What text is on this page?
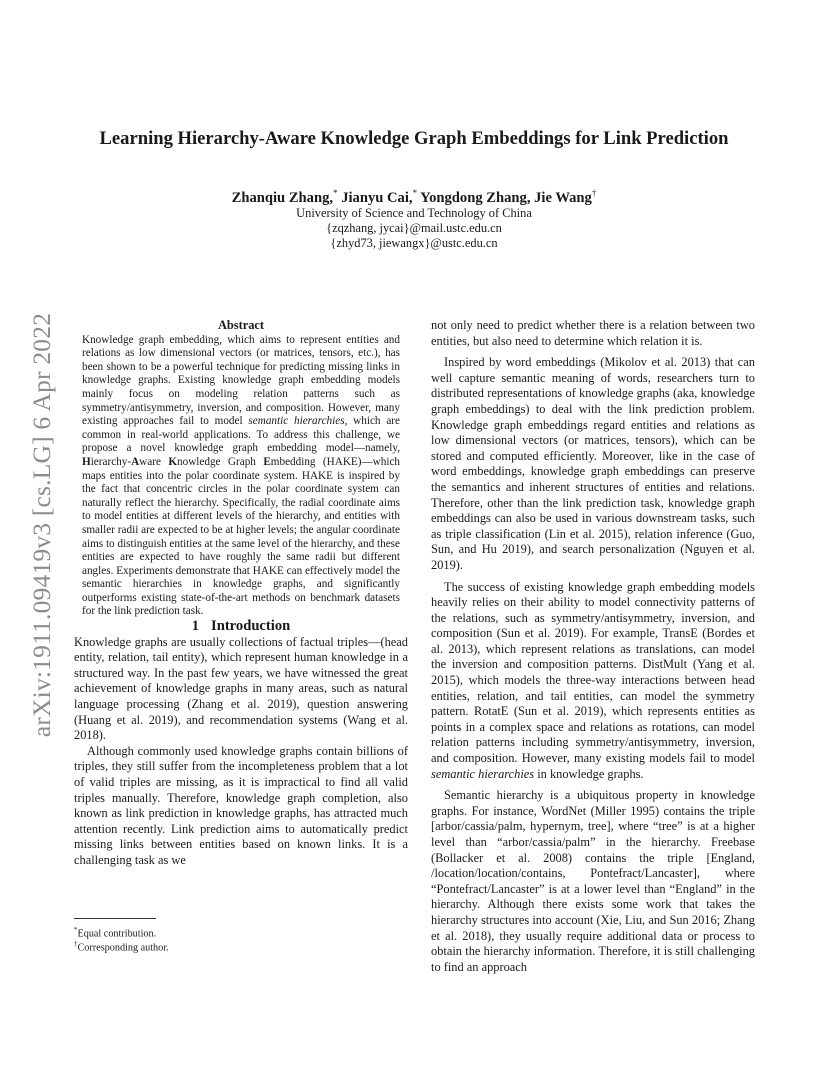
arXiv:1911.09419v3 [cs.LG] 6 Apr 2022
Learning Hierarchy-Aware Knowledge Graph Embeddings for Link Prediction
Zhanqiu Zhang,* Jianyu Cai,* Yongdong Zhang, Jie Wang†
University of Science and Technology of China
{zqzhang, jycai}@mail.ustc.edu.cn
{zhyd73, jiewangx}@ustc.edu.cn

Abstract

Knowledge graph embedding, which aims to represent entities and relations as low dimensional vectors (or matrices, tensors, etc.), has been shown to be a powerful technique for predicting missing links in knowledge graphs. Existing knowledge graph embedding models mainly focus on modeling relation patterns such as symmetry/antisymmetry, inversion, and composition. However, many existing approaches fail to model semantic hierarchies, which are common in real-world applications. To address this challenge, we propose a novel knowledge graph embedding model—namely, Hierarchy-Aware Knowledge Graph Embedding (HAKE)—which maps entities into the polar coordinate system. HAKE is inspired by the fact that concentric circles in the polar coordinate system can naturally reflect the hierarchy. Specifically, the radial coordinate aims to model entities at different levels of the hierarchy, and entities with smaller radii are expected to be at higher levels; the angular coordinate aims to distinguish entities at the same level of the hierarchy, and these entities are expected to have roughly the same radii but different angles. Experiments demonstrate that HAKE can effectively model the semantic hierarchies in knowledge graphs, and significantly outperforms existing state-of-the-art methods on benchmark datasets for the link prediction task.

1 Introduction

Knowledge graphs are usually collections of factual triples—(head entity, relation, tail entity), which represent human knowledge in a structured way. In the past few years, we have witnessed the great achievement of knowledge graphs in many areas, such as natural language processing (Zhang et al. 2019), question answering (Huang et al. 2019), and recommendation systems (Wang et al. 2018).

Although commonly used knowledge graphs contain billions of triples, they still suffer from the incompleteness problem that a lot of valid triples are missing, as it is impractical to find all valid triples manually. Therefore, knowledge graph completion, also known as link prediction in knowledge graphs, has attracted much attention recently. Link prediction aims to automatically predict missing links between entities based on known links. It is a challenging task as we

*Equal contribution.
†Corresponding author.

not only need to predict whether there is a relation between two entities, but also need to determine which relation it is.

Inspired by word embeddings (Mikolov et al. 2013) that can well capture semantic meaning of words, researchers turn to distributed representations of knowledge graphs (aka, knowledge graph embeddings) to deal with the link prediction problem. Knowledge graph embeddings regard entities and relations as low dimensional vectors (or matrices, tensors), which can be stored and computed efficiently. Moreover, like in the case of word embeddings, knowledge graph embeddings can preserve the semantics and inherent structures of entities and relations. Therefore, other than the link prediction task, knowledge graph embeddings can also be used in various downstream tasks, such as triple classification (Lin et al. 2015), relation inference (Guo, Sun, and Hu 2019), and search personalization (Nguyen et al. 2019).

The success of existing knowledge graph embedding models heavily relies on their ability to model connectivity patterns of the relations, such as symmetry/antisymmetry, inversion, and composition (Sun et al. 2019). For example, TransE (Bordes et al. 2013), which represent relations as translations, can model the inversion and composition patterns. DistMult (Yang et al. 2015), which models the three-way interactions between head entities, relation, and tail entities, can model the symmetry pattern. RotatE (Sun et al. 2019), which represents entities as points in a complex space and relations as rotations, can model relation patterns including symmetry/antisymmetry, inversion, and composition. However, many existing models fail to model semantic hierarchies in knowledge graphs.

Semantic hierarchy is a ubiquitous property in knowledge graphs. For instance, WordNet (Miller 1995) contains the triple [arbor/cassia/palm, hypernym, tree], where “tree” is at a higher level than “arbor/cassia/palm” in the hierarchy. Freebase (Bollacker et al. 2008) contains the triple [England, /location/location/contains, Pontefract/Lancaster], where “Pontefract/Lancaster” is at a lower level than “England” in the hierarchy. Although there exists some work that takes the hierarchy structures into account (Xie, Liu, and Sun 2016; Zhang et al. 2018), they usually require additional data or process to obtain the hierarchy information. Therefore, it is still challenging to find an approach
